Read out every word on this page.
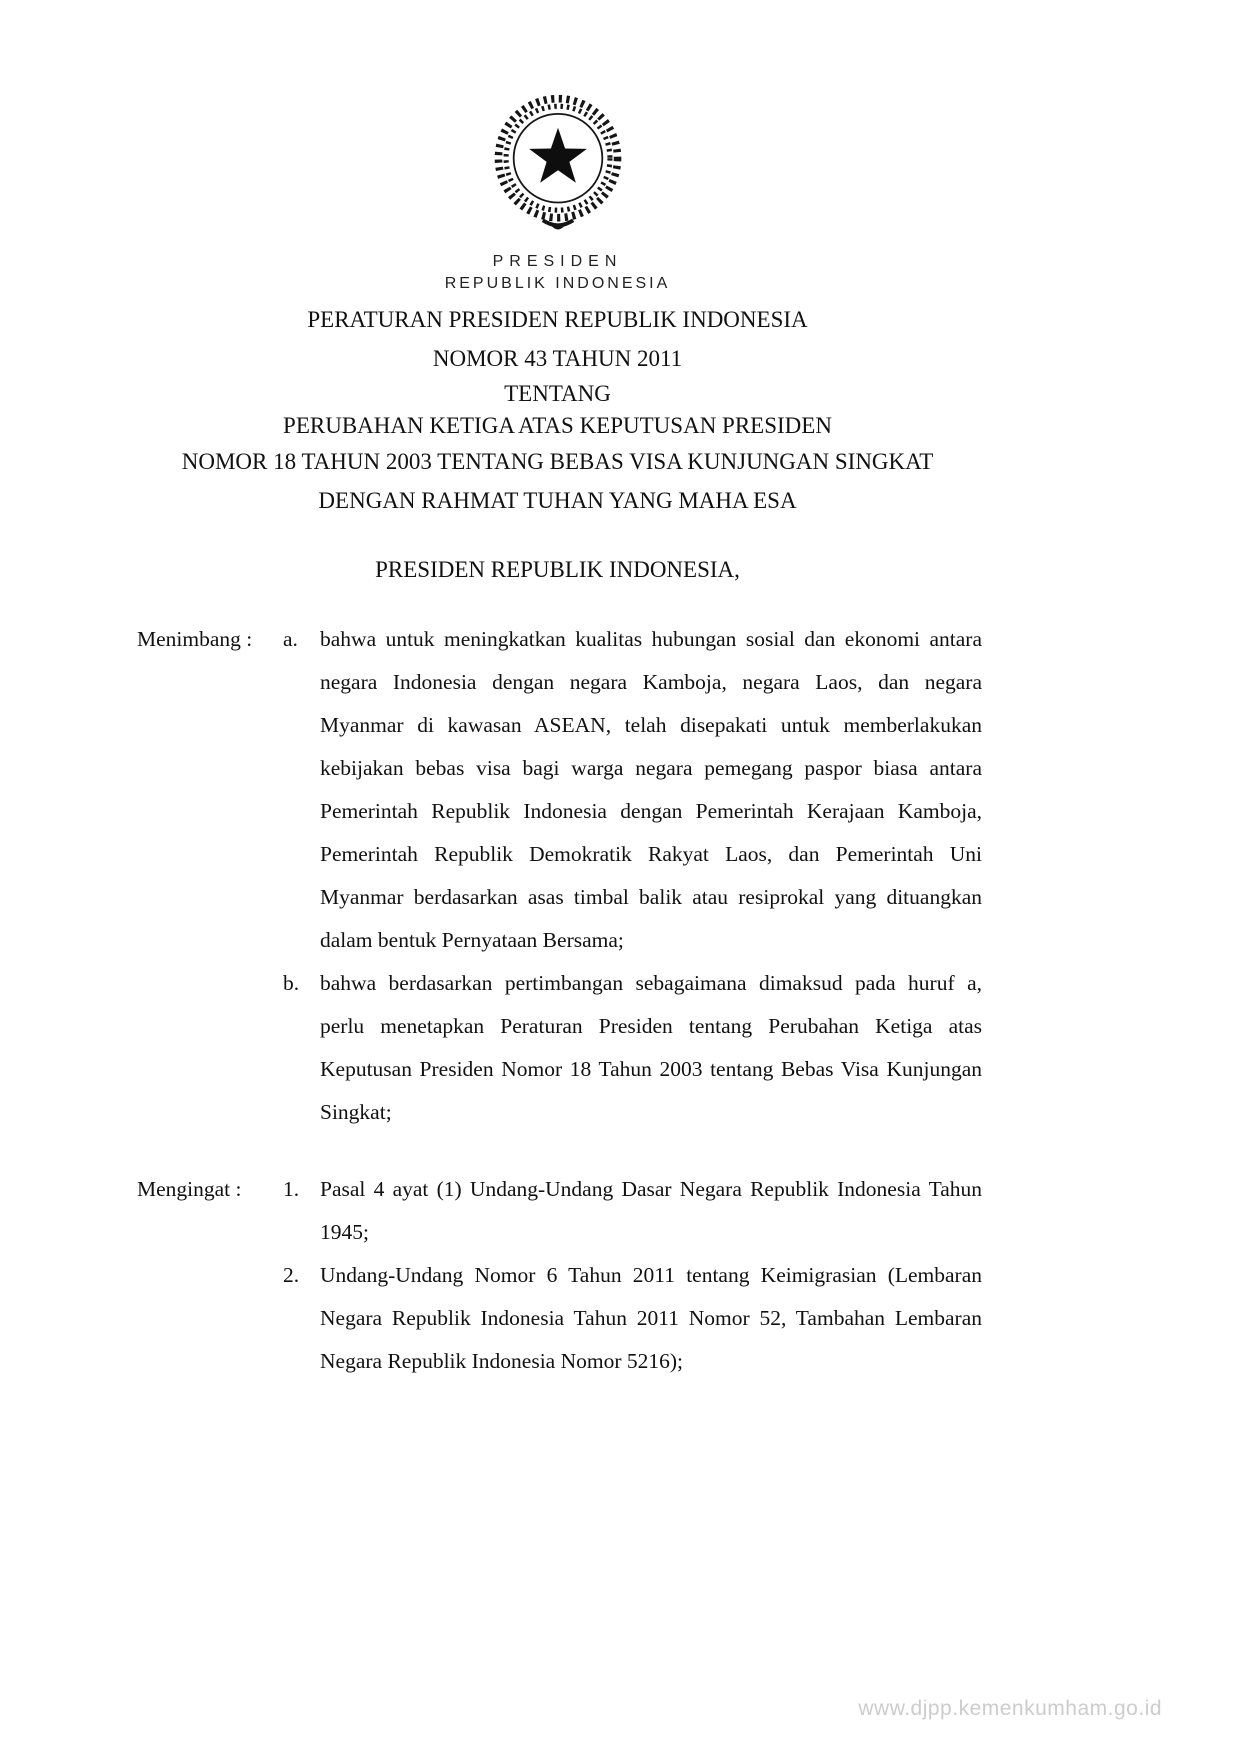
PRESIDEN
REPUBLIK INDONESIA
PERATURAN PRESIDEN REPUBLIK INDONESIA
NOMOR 43 TAHUN 2011
TENTANG
PERUBAHAN KETIGA ATAS KEPUTUSAN PRESIDEN
NOMOR 18 TAHUN 2003 TENTANG BEBAS VISA KUNJUNGAN SINGKAT
DENGAN RAHMAT TUHAN YANG MAHA ESA
PRESIDEN REPUBLIK INDONESIA,
Menimbang :	a.	bahwa untuk meningkatkan kualitas hubungan sosial dan ekonomi antara negara Indonesia dengan negara Kamboja, negara Laos, dan negara Myanmar di kawasan ASEAN, telah disepakati untuk memberlakukan kebijakan bebas visa bagi warga negara pemegang paspor biasa antara Pemerintah Republik Indonesia dengan Pemerintah Kerajaan Kamboja, Pemerintah Republik Demokratik Rakyat Laos, dan Pemerintah Uni Myanmar berdasarkan asas timbal balik atau resiprokal yang dituangkan dalam bentuk Pernyataan Bersama;
b. bahwa berdasarkan pertimbangan sebagaimana dimaksud pada huruf a, perlu menetapkan Peraturan Presiden tentang Perubahan Ketiga atas Keputusan Presiden Nomor 18 Tahun 2003 tentang Bebas Visa Kunjungan Singkat;
Mengingat :	1. Pasal 4 ayat (1) Undang-Undang Dasar Negara Republik Indonesia Tahun 1945;
2. Undang-Undang Nomor 6 Tahun 2011 tentang Keimigrasian (Lembaran Negara Republik Indonesia Tahun 2011 Nomor 52, Tambahan Lembaran Negara Republik Indonesia Nomor 5216);
www.djpp.kemenkumham.go.id
